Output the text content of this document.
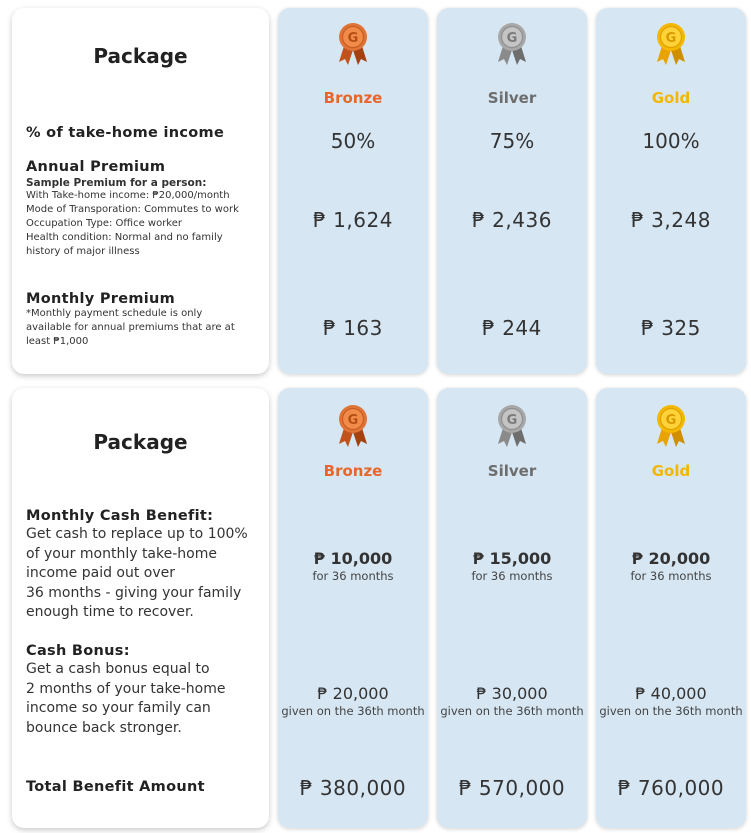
Package
% of take-home income
Annual Premium
Sample Premium for a person:
With Take-home income: ₱20,000/month
Mode of Transporation: Commutes to work
Occupation Type: Office worker
Health condition: Normal and no family
history of major illness
Monthly Premium
*Monthly payment schedule is only
available for annual premiums that are at
least ₱1,000
G
Bronze
50%
₱ 1,624
₱ 163
G
Silver
75%
₱ 2,436
₱ 244
G
Gold
100%
₱ 3,248
₱ 325
Package
Monthly Cash Benefit:
Get cash to replace up to 100%
of your monthly take-home
income paid out over
36 months - giving your family
enough time to recover.
Cash Bonus:
Get a cash bonus equal to
2 months of your take-home
income so your family can
bounce back stronger.
Total Benefit Amount
G
Bronze
₱ 10,000
for 36 months
₱ 20,000
given on the 36th month
₱ 380,000
G
Silver
₱ 15,000
for 36 months
₱ 30,000
given on the 36th month
₱ 570,000
G
Gold
₱ 20,000
for 36 months
₱ 40,000
given on the 36th month
₱ 760,000
